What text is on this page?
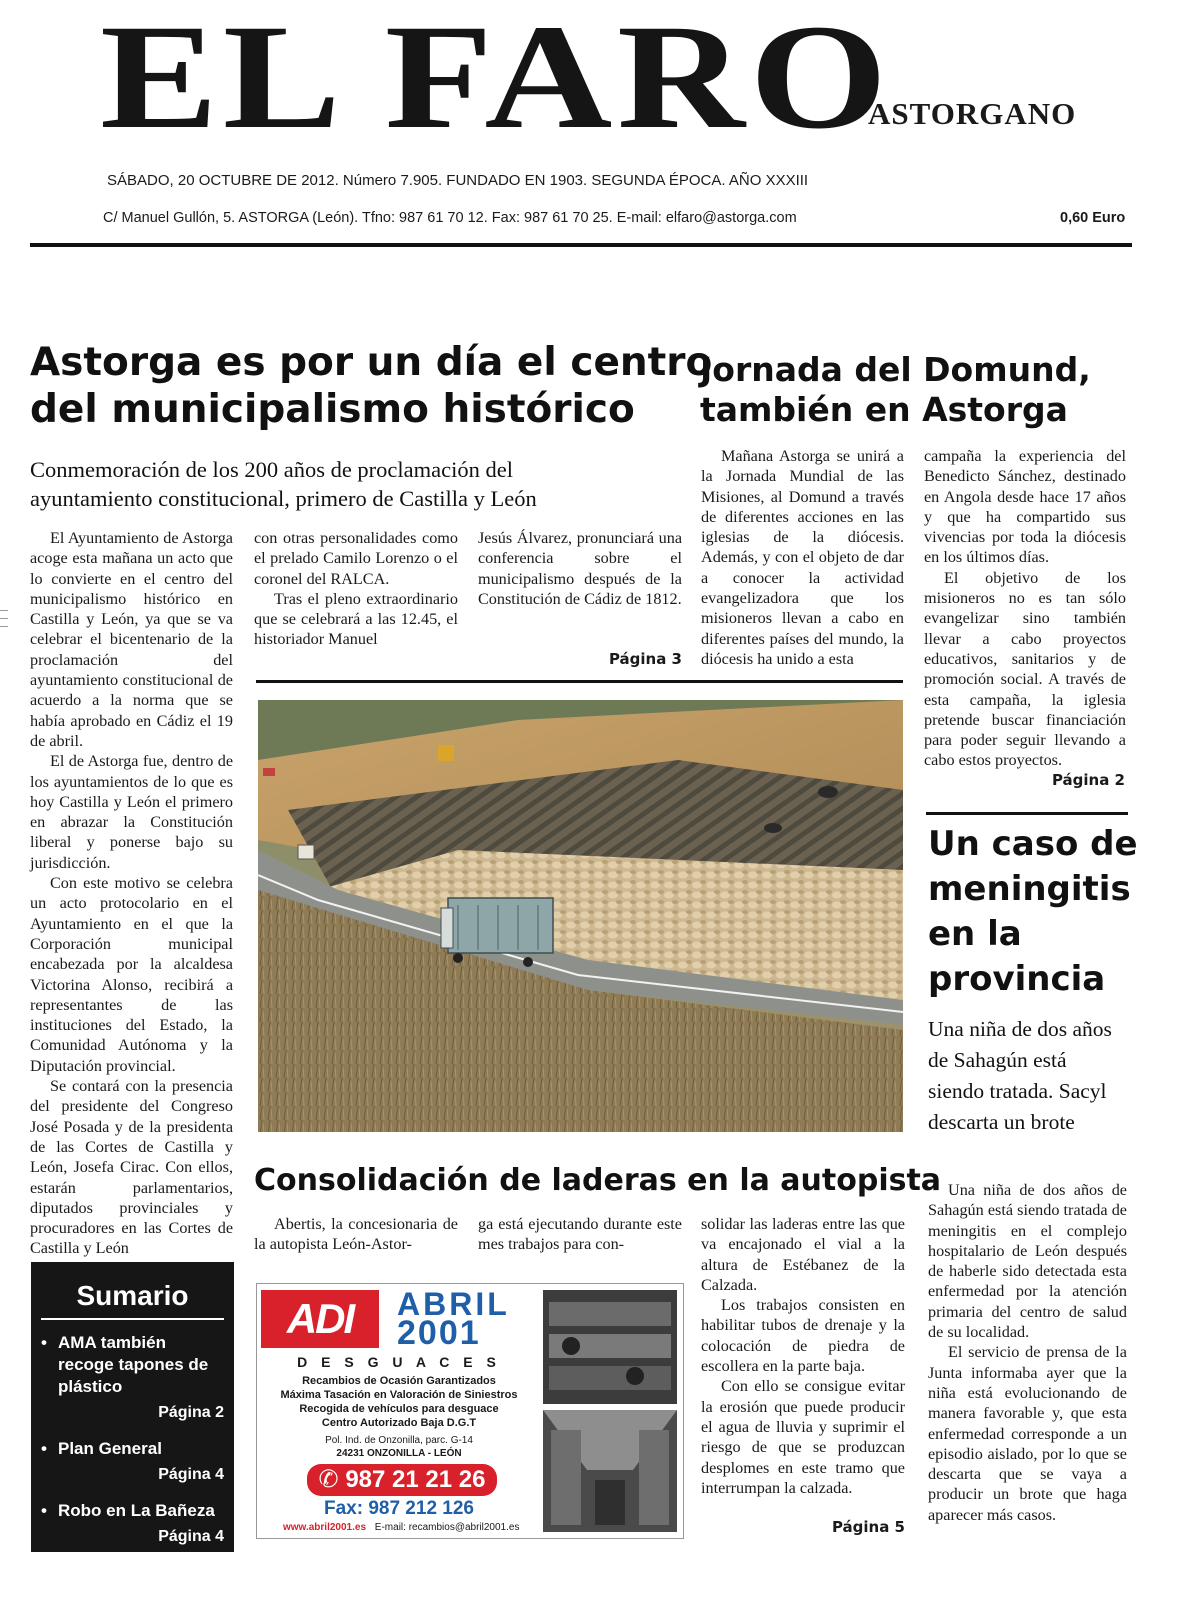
EL FARO
ASTORGANO
SÁBADO, 20 OCTUBRE DE 2012. Número 7.905. FUNDADO EN 1903. SEGUNDA ÉPOCA. AÑO XXXIII
C/ Manuel Gullón, 5. ASTORGA (León). Tfno: 987 61 70 12. Fax: 987 61 70 25. E-mail: elfaro@astorga.com	0,60 Euro
Astorga es por un día el centro
del municipalismo histórico
Conmemoración de los 200 años de proclamación del
ayuntamiento constitucional, primero de Castilla y León

El Ayuntamiento de Astorga acoge esta mañana un acto que lo convierte en el centro del municipalismo histórico en Castilla y León, ya que se va celebrar el bicentenario de la proclamación del ayuntamiento constitucional de acuerdo a la norma que se había aprobado en Cádiz el 19 de abril.

El de Astorga fue, dentro de los ayuntamientos de lo que es hoy Castilla y León el primero en abrazar la Constitución liberal y ponerse bajo su jurisdicción.

Con este motivo se celebra un acto protocolario en el Ayuntamiento en el que la Corporación municipal encabezada por la alcaldesa Victorina Alonso, recibirá a representantes de las instituciones del Estado, la Comunidad Autónoma y la Diputación provincial.

Se contará con la presencia del presidente del Congreso José Posada y de la presidenta de las Cortes de Castilla y León, Josefa Cirac. Con ellos, estarán parlamentarios, diputados provinciales y procuradores en las Cortes de Castilla y León

con otras personalidades como el prelado Camilo Lorenzo o el coronel del RALCA.

Tras el pleno extraordinario que se celebrará a las 12.45, el historiador Manuel

Jesús Álvarez, pronunciará una conferencia sobre el municipalismo después de la Constitución de Cádiz de 1812.

Página 3
Jornada del Domund,
también en Astorga

Mañana Astorga se unirá a la Jornada Mundial de las Misiones, al Domund a través de diferentes acciones en las iglesias de la diócesis. Además, y con el objeto de dar a conocer la actividad evangelizadora que los misioneros llevan a cabo en diferentes países del mundo, la diócesis ha unido a esta

campaña la experiencia del Benedicto Sánchez, destinado en Angola desde hace 17 años y que ha compartido sus vivencias por toda la diócesis en los últimos días.

El objetivo de los misioneros no es tan sólo evangelizar sino también llevar a cabo proyectos educativos, sanitarios y de promoción social. A través de esta campaña, la iglesia pretende buscar financiación para poder seguir llevando a cabo estos proyectos.

Página 2
Consolidación de laderas en la autopista

Abertis, la concesionaria de la autopista León-Astor-

ga está ejecutando durante este mes trabajos para con-

solidar las laderas entre las que va encajonado el vial a la altura de Estébanez de la Calzada.

Los trabajos consisten en habilitar tubos de drenaje y la colocación de piedra de escollera en la parte baja.

Con ello se consigue evitar la erosión que puede producir el agua de lluvia y suprimir el riesgo de que se produzcan desplomes en este tramo que interrumpan la calzada.

Página 5
Un caso de
meningitis
en la
provincia
Una niña de dos años de Sahagún está siendo tratada. Sacyl descarta un brote

Una niña de dos años de Sahagún está siendo tratada de meningitis en el complejo hospitalario de León después de haberle sido detectada esta enfermedad por la atención primaria del centro de salud de su localidad.

El servicio de prensa de la Junta informaba ayer que la niña está evolucionando de manera favorable y, que esta enfermedad corresponde a un episodio aislado, por lo que se descarta que se vaya a producir un brote que haga aparecer más casos.

Sumario
• AMA también recoge tapones de plástico
Página 2
• Plan General
Página 4
• Robo en La Bañeza
Página 4
ADI	ABRIL
2001
D E S G U A C E S
Recambios de Ocasión Garantizados
Máxima Tasación en Valoración de Siniestros
Recogida de vehículos para desguace
Centro Autorizado Baja D.G.T
Pol. Ind. de Onzonilla, parc. G-14
24231 ONZONILLA - LEÓN
✆ 987 21 21 26
Fax: 987 212 126
www.abril2001.es E-mail: recambios@abril2001.es
